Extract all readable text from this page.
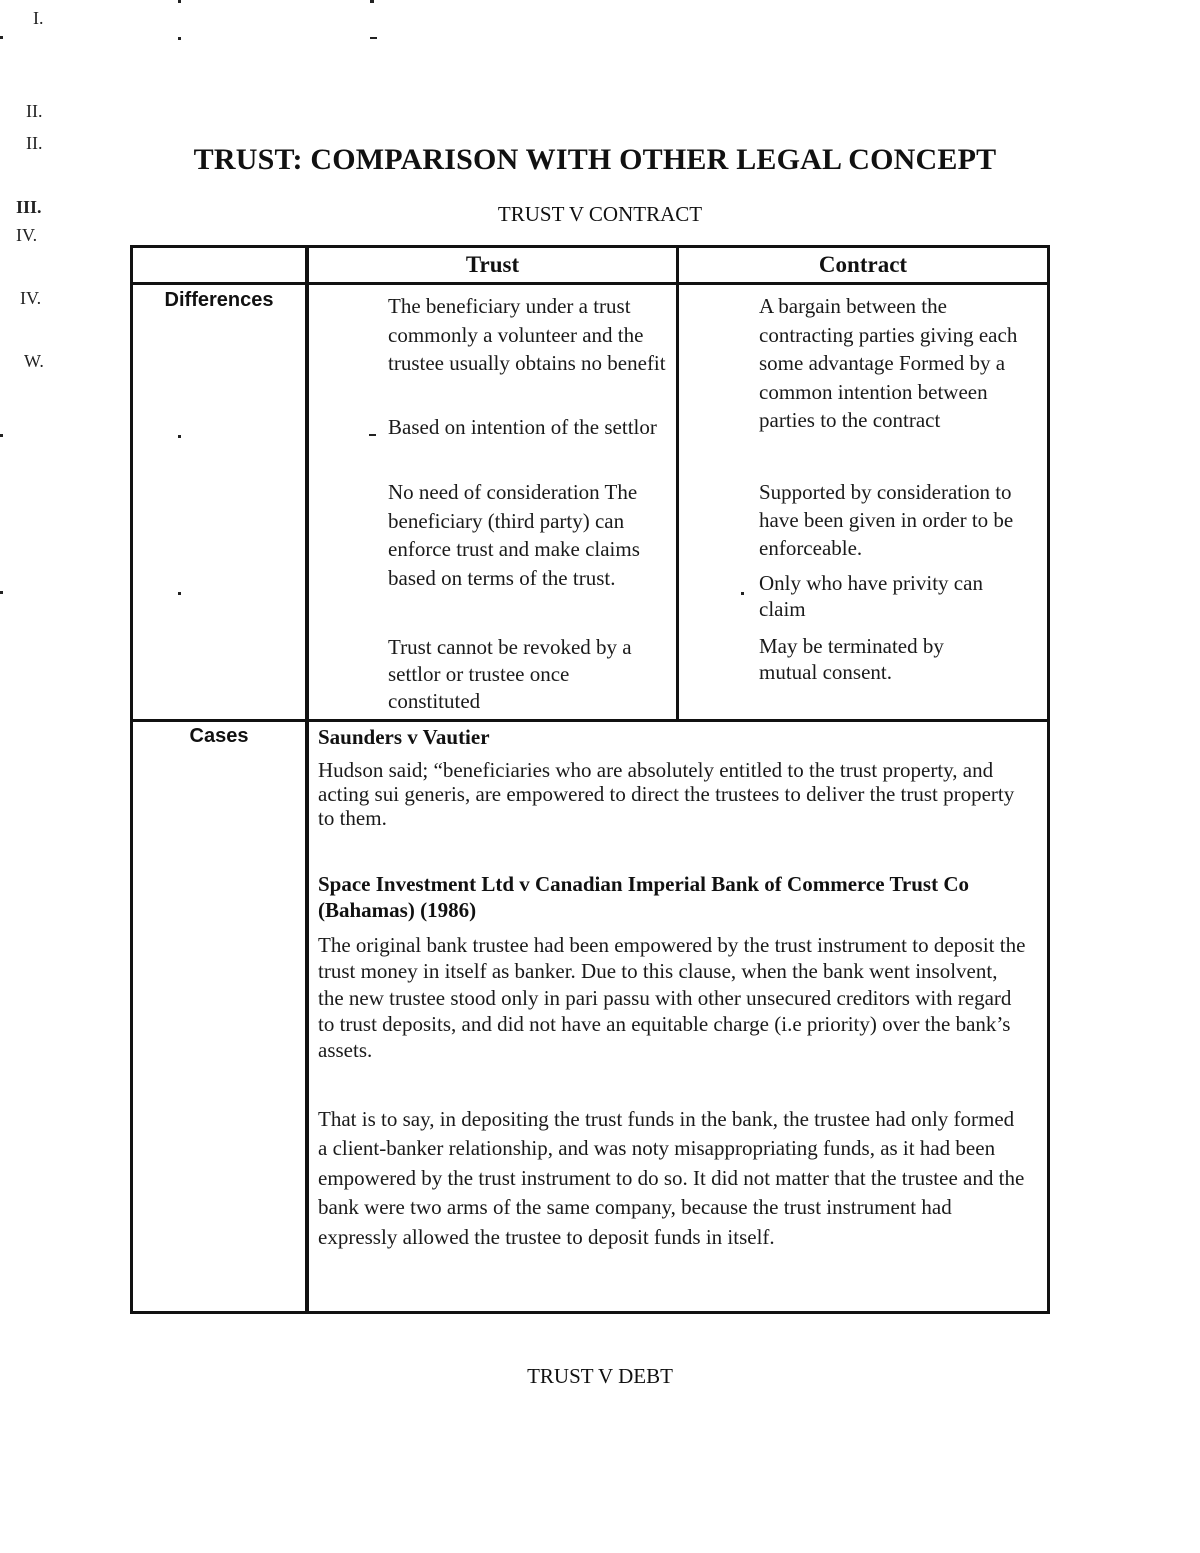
I.
II.
II.
III.
IV.
IV.
W.
TRUST: COMPARISON WITH OTHER LEGAL CONCEPT
TRUST V CONTRACT
Trust	Contract
Differences
Cases
The beneficiary under a trust commonly a volunteer and the trustee usually obtains no benefit
Based on intention of the settlor
No need of consideration The beneficiary (third party) can enforce trust and make claims based on terms of the trust.
Trust cannot be revoked by a settlor or trustee once constituted
A bargain between the contracting parties giving each some advantage Formed by a common intention between parties to the contract
Supported by consideration to have been given in order to be enforceable.
Only who have privity can claim
May be terminated by mutual consent.
Saunders v Vautier
Hudson said; “beneficiaries who are absolutely entitled to the trust property, and acting sui generis, are empowered to direct the trustees to deliver the trust property to them.
Space Investment Ltd v Canadian Imperial Bank of Commerce Trust Co (Bahamas) (1986)
The original bank trustee had been empowered by the trust instrument to deposit the trust money in itself as banker. Due to this clause, when the bank went insolvent, the new trustee stood only in pari passu with other unsecured creditors with regard to trust deposits, and did not have an equitable charge (i.e priority) over the bank’s assets.
That is to say, in depositing the trust funds in the bank, the trustee had only formed a client-banker relationship, and was noty misappropriating funds, as it had been empowered by the trust instrument to do so. It did not matter that the trustee and the bank were two arms of the same company, because the trust instrument had expressly allowed the trustee to deposit funds in itself.
TRUST V DEBT
